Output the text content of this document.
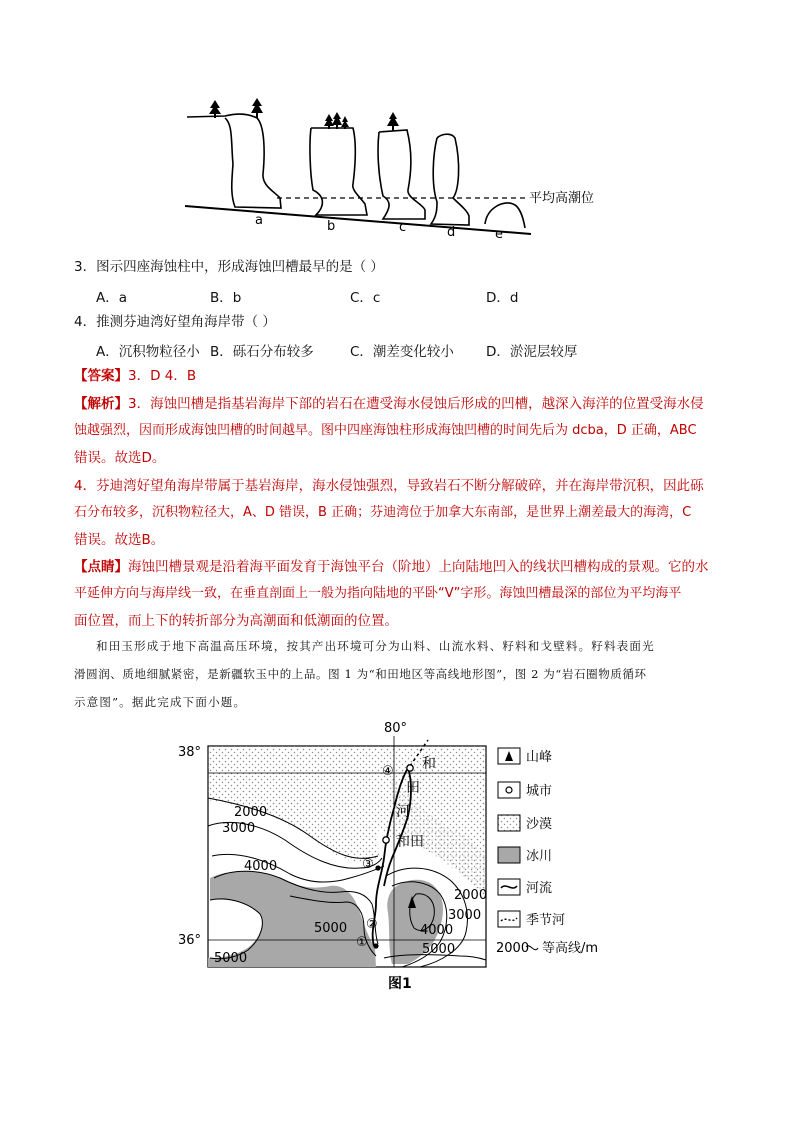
平均高潮位
a	b	c	d	e
3．图示四座海蚀柱中，形成海蚀凹槽最早的是（ ）
A．a	B．b	C．c	D．d
4．推测芬迪湾好望角海岸带（ ）
A．沉积物粒径小 B．砾石分布较多	C．潮差变化较小 D．淤泥层较厚
【答案】3．D 4．B
【解析】3．海蚀凹槽是指基岩海岸下部的岩石在遭受海水侵蚀后形成的凹槽，越深入海洋的位置受海水侵
蚀越强烈，因而形成海蚀凹槽的时间越早。图中四座海蚀柱形成海蚀凹槽的时间先后为 dcba，D 正确，ABC
错误。故选D。
4．芬迪湾好望角海岸带属于基岩海岸，海水侵蚀强烈，导致岩石不断分解破碎，并在海岸带沉积，因此砾
石分布较多，沉积物粒径大，A、D 错误，B 正确；芬迪湾位于加拿大东南部，是世界上潮差最大的海湾，C
错误。故选B。
【点睛】海蚀凹槽景观是沿着海平面发育于海蚀平台（阶地）上向陆地凹入的线状凹槽构成的景观。它的水
平延伸方向与海岸线一致，在垂直剖面上一般为指向陆地的平卧“V”字形。海蚀凹槽最深的部位为平均海平
面位置，而上下的转折部分为高潮面和低潮面的位置。
和田玉形成于地下高温高压环境，按其产出环境可分为山料、山流水料、籽料和戈壁料。籽料表面光
滑圆润、质地细腻紧密，是新疆软玉中的上品。图 1 为“和田地区等高线地形图”，图 2 为“岩石圈物质循环
示意图”。据此完成下面小题。
80°
38°
36°
2000
3000
4000
5000
2000
3000
4000
5000
5000
和
田
河
和田
①
②
③
④
山峰
城市
沙漠
冰川
河流
季节河
2000 等高线/m
图1
